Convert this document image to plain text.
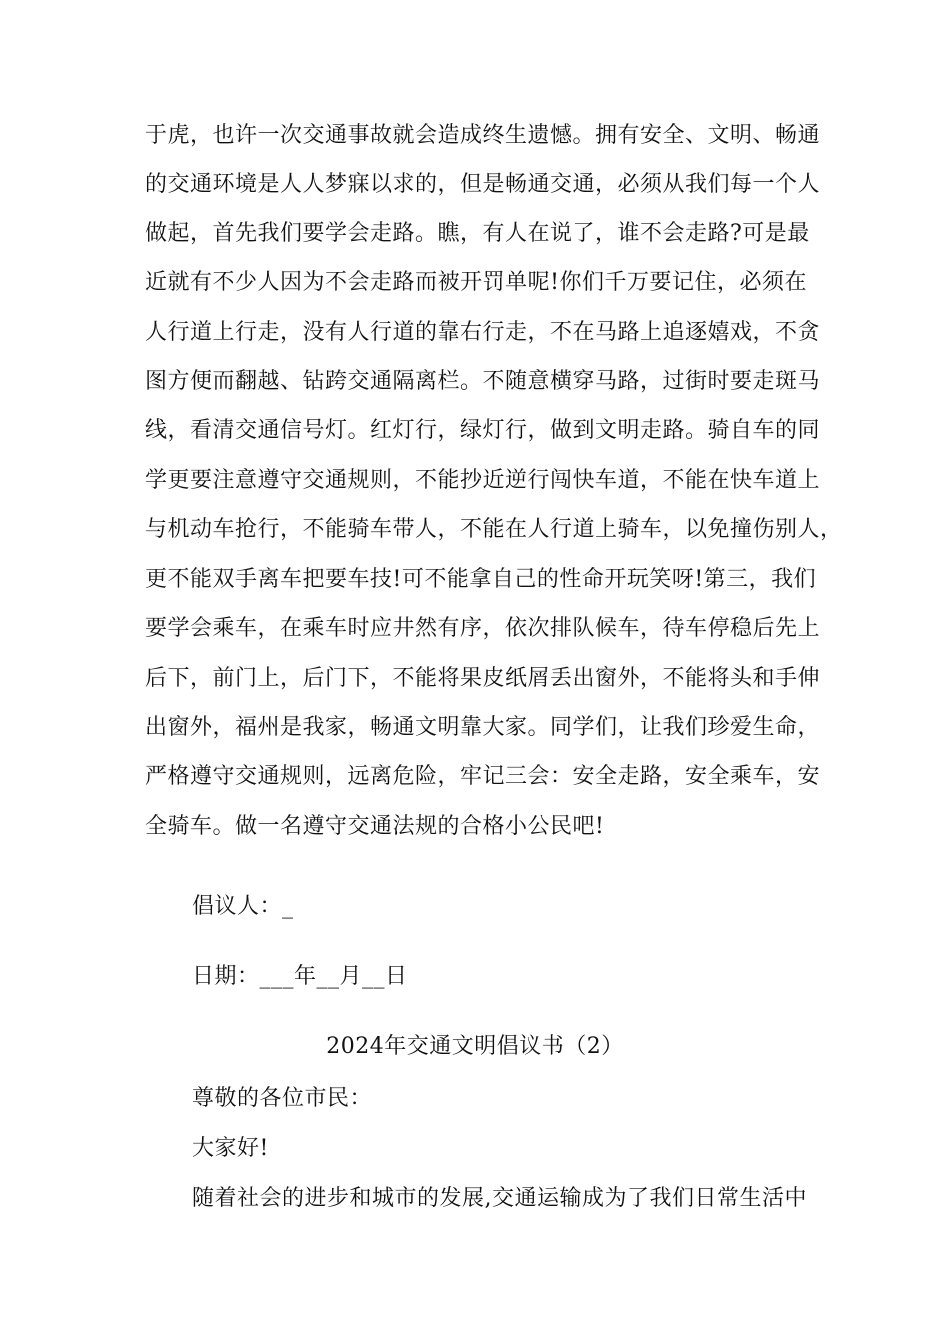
于虎，也许一次交通事故就会造成终生遗憾。拥有安全、文明、畅通
的交通环境是人人梦寐以求的，但是畅通交通，必须从我们每一个人
做起，首先我们要学会走路。瞧，有人在说了，谁不会走路?可是最
近就有不少人因为不会走路而被开罚单呢!你们千万要记住，必须在
人行道上行走，没有人行道的靠右行走，不在马路上追逐嬉戏，不贪
图方便而翻越、钻跨交通隔离栏。不随意横穿马路，过街时要走斑马
线，看清交通信号灯。红灯行，绿灯行，做到文明走路。骑自车的同
学更要注意遵守交通规则，不能抄近逆行闯快车道，不能在快车道上
与机动车抢行，不能骑车带人，不能在人行道上骑车，以免撞伤别人，
更不能双手离车把要车技!可不能拿自己的性命开玩笑呀!第三，我们
要学会乘车，在乘车时应井然有序，依次排队候车，待车停稳后先上
后下，前门上，后门下，不能将果皮纸屑丢出窗外，不能将头和手伸
出窗外，福州是我家，畅通文明靠大家。同学们，让我们珍爱生命，
严格遵守交通规则，远离危险，牢记三会：安全走路，安全乘车，安
全骑车。做一名遵守交通法规的合格小公民吧!
倡议人：_
日期：___年__月__日
2024年交通文明倡议书（2）
尊敬的各位市民：
大家好!
随着社会的进步和城市的发展,交通运输成为了我们日常生活中
